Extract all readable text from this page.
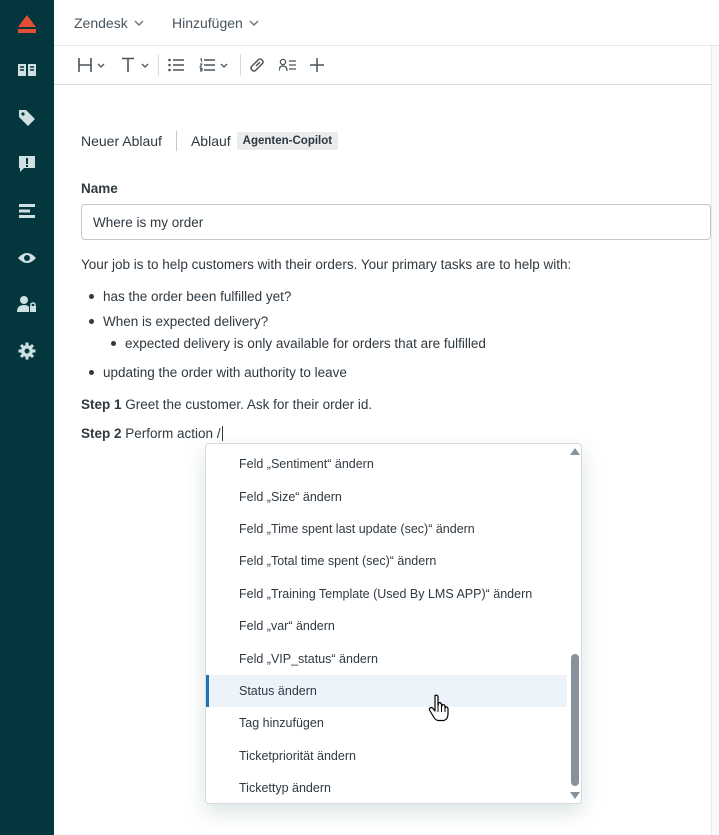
Zendesk	Hinzufügen
Neuer Ablauf Ablauf	Agenten-Copilot
Name
Where is my order
Your job is to help customers with their orders. Your primary tasks are to help with:
has the order been fulfilled yet?
When is expected delivery?
expected delivery is only available for orders that are fulfilled
updating the order with authority to leave
Step 1 Greet the customer. Ask for their order id.
Step 2 Perform action /
Feld „Sentiment“ ändern
Feld „Size“ ändern
Feld „Time spent last update (sec)“ ändern
Feld „Total time spent (sec)“ ändern
Feld „Training Template (Used By LMS APP)“ ändern
Feld „var“ ändern
Feld „VIP_status“ ändern
Status ändern
Tag hinzufügen
Ticketpriorität ändern
Tickettyp ändern
